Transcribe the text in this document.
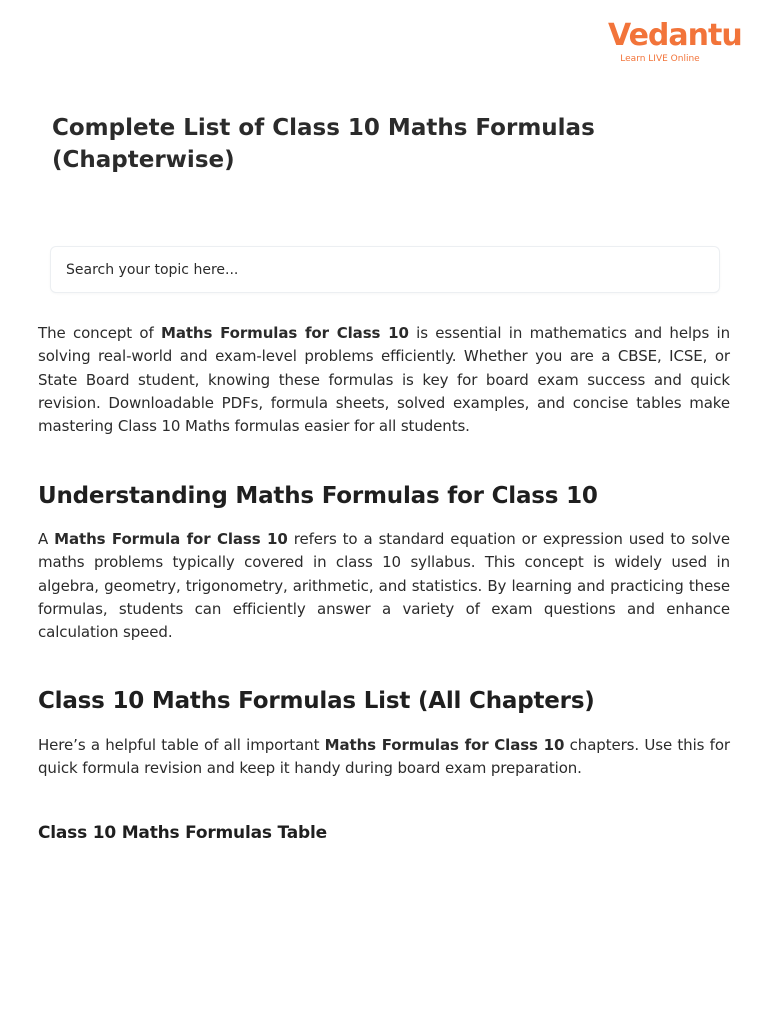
Vedantu
Learn LIVE Online
Complete List of Class 10 Maths Formulas (Chapterwise)
Search your topic here...

The concept of Maths Formulas for Class 10 is essential in mathematics and helps in solving real-world and exam-level problems efficiently. Whether you are a CBSE, ICSE, or State Board student, knowing these formulas is key for board exam success and quick revision. Downloadable PDFs, formula sheets, solved examples, and concise tables make mastering Class 10 Maths formulas easier for all students.

Understanding Maths Formulas for Class 10

A Maths Formula for Class 10 refers to a standard equation or expression used to solve maths problems typically covered in class 10 syllabus. This concept is widely used in algebra, geometry, trigonometry, arithmetic, and statistics. By learning and practicing these formulas, students can efficiently answer a variety of exam questions and enhance calculation speed.

Class 10 Maths Formulas List (All Chapters)

Here’s a helpful table of all important Maths Formulas for Class 10 chapters. Use this for quick formula revision and keep it handy during board exam preparation.

Class 10 Maths Formulas Table
